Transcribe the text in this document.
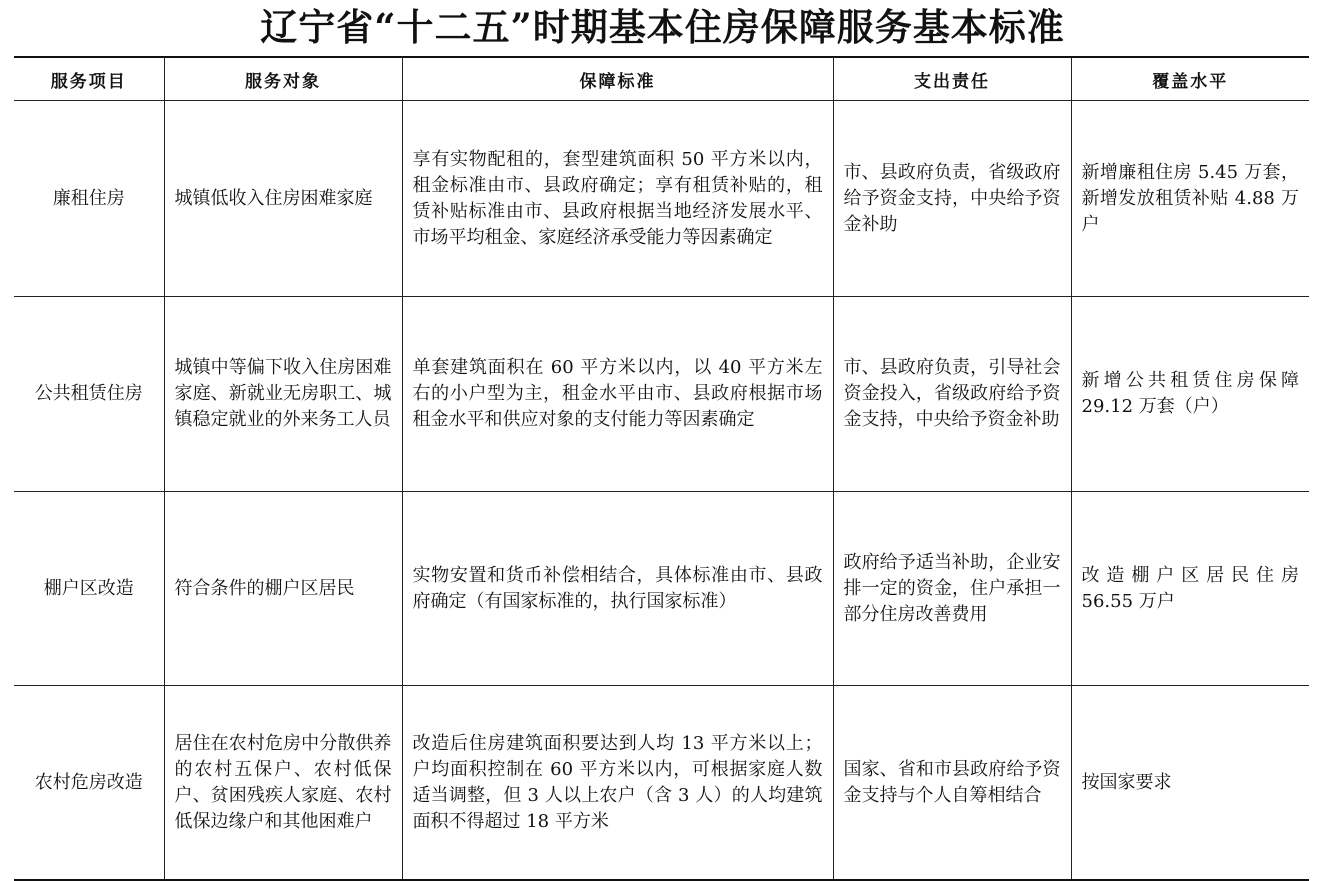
辽宁省“十二五”时期基本住房保障服务基本标准
服务项目	服务对象	保障标准	支出责任	覆盖水平
廉租住房	城镇低收入住房困难家庭	享有实物配租的，套型建筑面积 50 平方米以内，租金标准由市、县政府确定；享有租赁补贴的，租赁补贴标准由市、县政府根据当地经济发展水平、市场平均租金、家庭经济承受能力等因素确定	市、县政府负责，省级政府给予资金支持，中央给予资金补助	新增廉租住房 5.45 万套，新增发放租赁补贴 4.88 万户
公共租赁住房	城镇中等偏下收入住房困难家庭、新就业无房职工、城镇稳定就业的外来务工人员	单套建筑面积在 60 平方米以内，以 40 平方米左右的小户型为主，租金水平由市、县政府根据市场租金水平和供应对象的支付能力等因素确定	市、县政府负责，引导社会资金投入，省级政府给予资金支持，中央给予资金补助	新增公共租赁住房保障 29.12 万套（户）
棚户区改造	符合条件的棚户区居民	实物安置和货币补偿相结合，具体标准由市、县政府确定（有国家标准的，执行国家标准）	政府给予适当补助，企业安排一定的资金，住户承担一部分住房改善费用	改造棚户区居民住房 56.55 万户
农村危房改造	居住在农村危房中分散供养的农村五保户、农村低保户、贫困残疾人家庭、农村低保边缘户和其他困难户	改造后住房建筑面积要达到人均 13 平方米以上；户均面积控制在 60 平方米以内，可根据家庭人数适当调整，但 3 人以上农户（含 3 人）的人均建筑面积不得超过 18 平方米	国家、省和市县政府给予资金支持与个人自筹相结合	按国家要求
